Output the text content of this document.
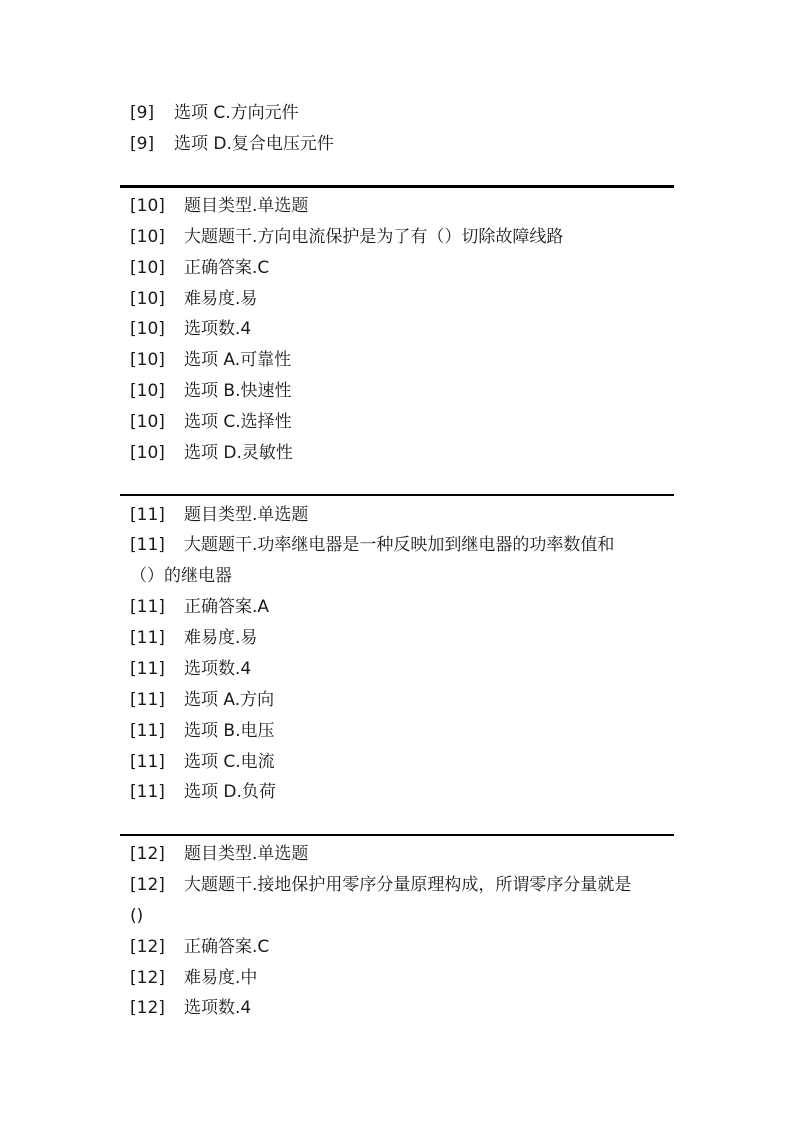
[9] 选项 C.方向元件
[9] 选项 D.复合电压元件
[10] 题目类型.单选题
[10] 大题题干.方向电流保护是为了有（）切除故障线路
[10] 正确答案.C
[10] 难易度.易
[10] 选项数.4
[10] 选项 A.可靠性
[10] 选项 B.快速性
[10] 选项 C.选择性
[10] 选项 D.灵敏性
[11] 题目类型.单选题
[11] 大题题干.功率继电器是一种反映加到继电器的功率数值和
（）的继电器
[11] 正确答案.A
[11] 难易度.易
[11] 选项数.4
[11] 选项 A.方向
[11] 选项 B.电压
[11] 选项 C.电流
[11] 选项 D.负荷
[12] 题目类型.单选题
[12] 大题题干.接地保护用零序分量原理构成，所谓零序分量就是
()
[12] 正确答案.C
[12] 难易度.中
[12] 选项数.4
